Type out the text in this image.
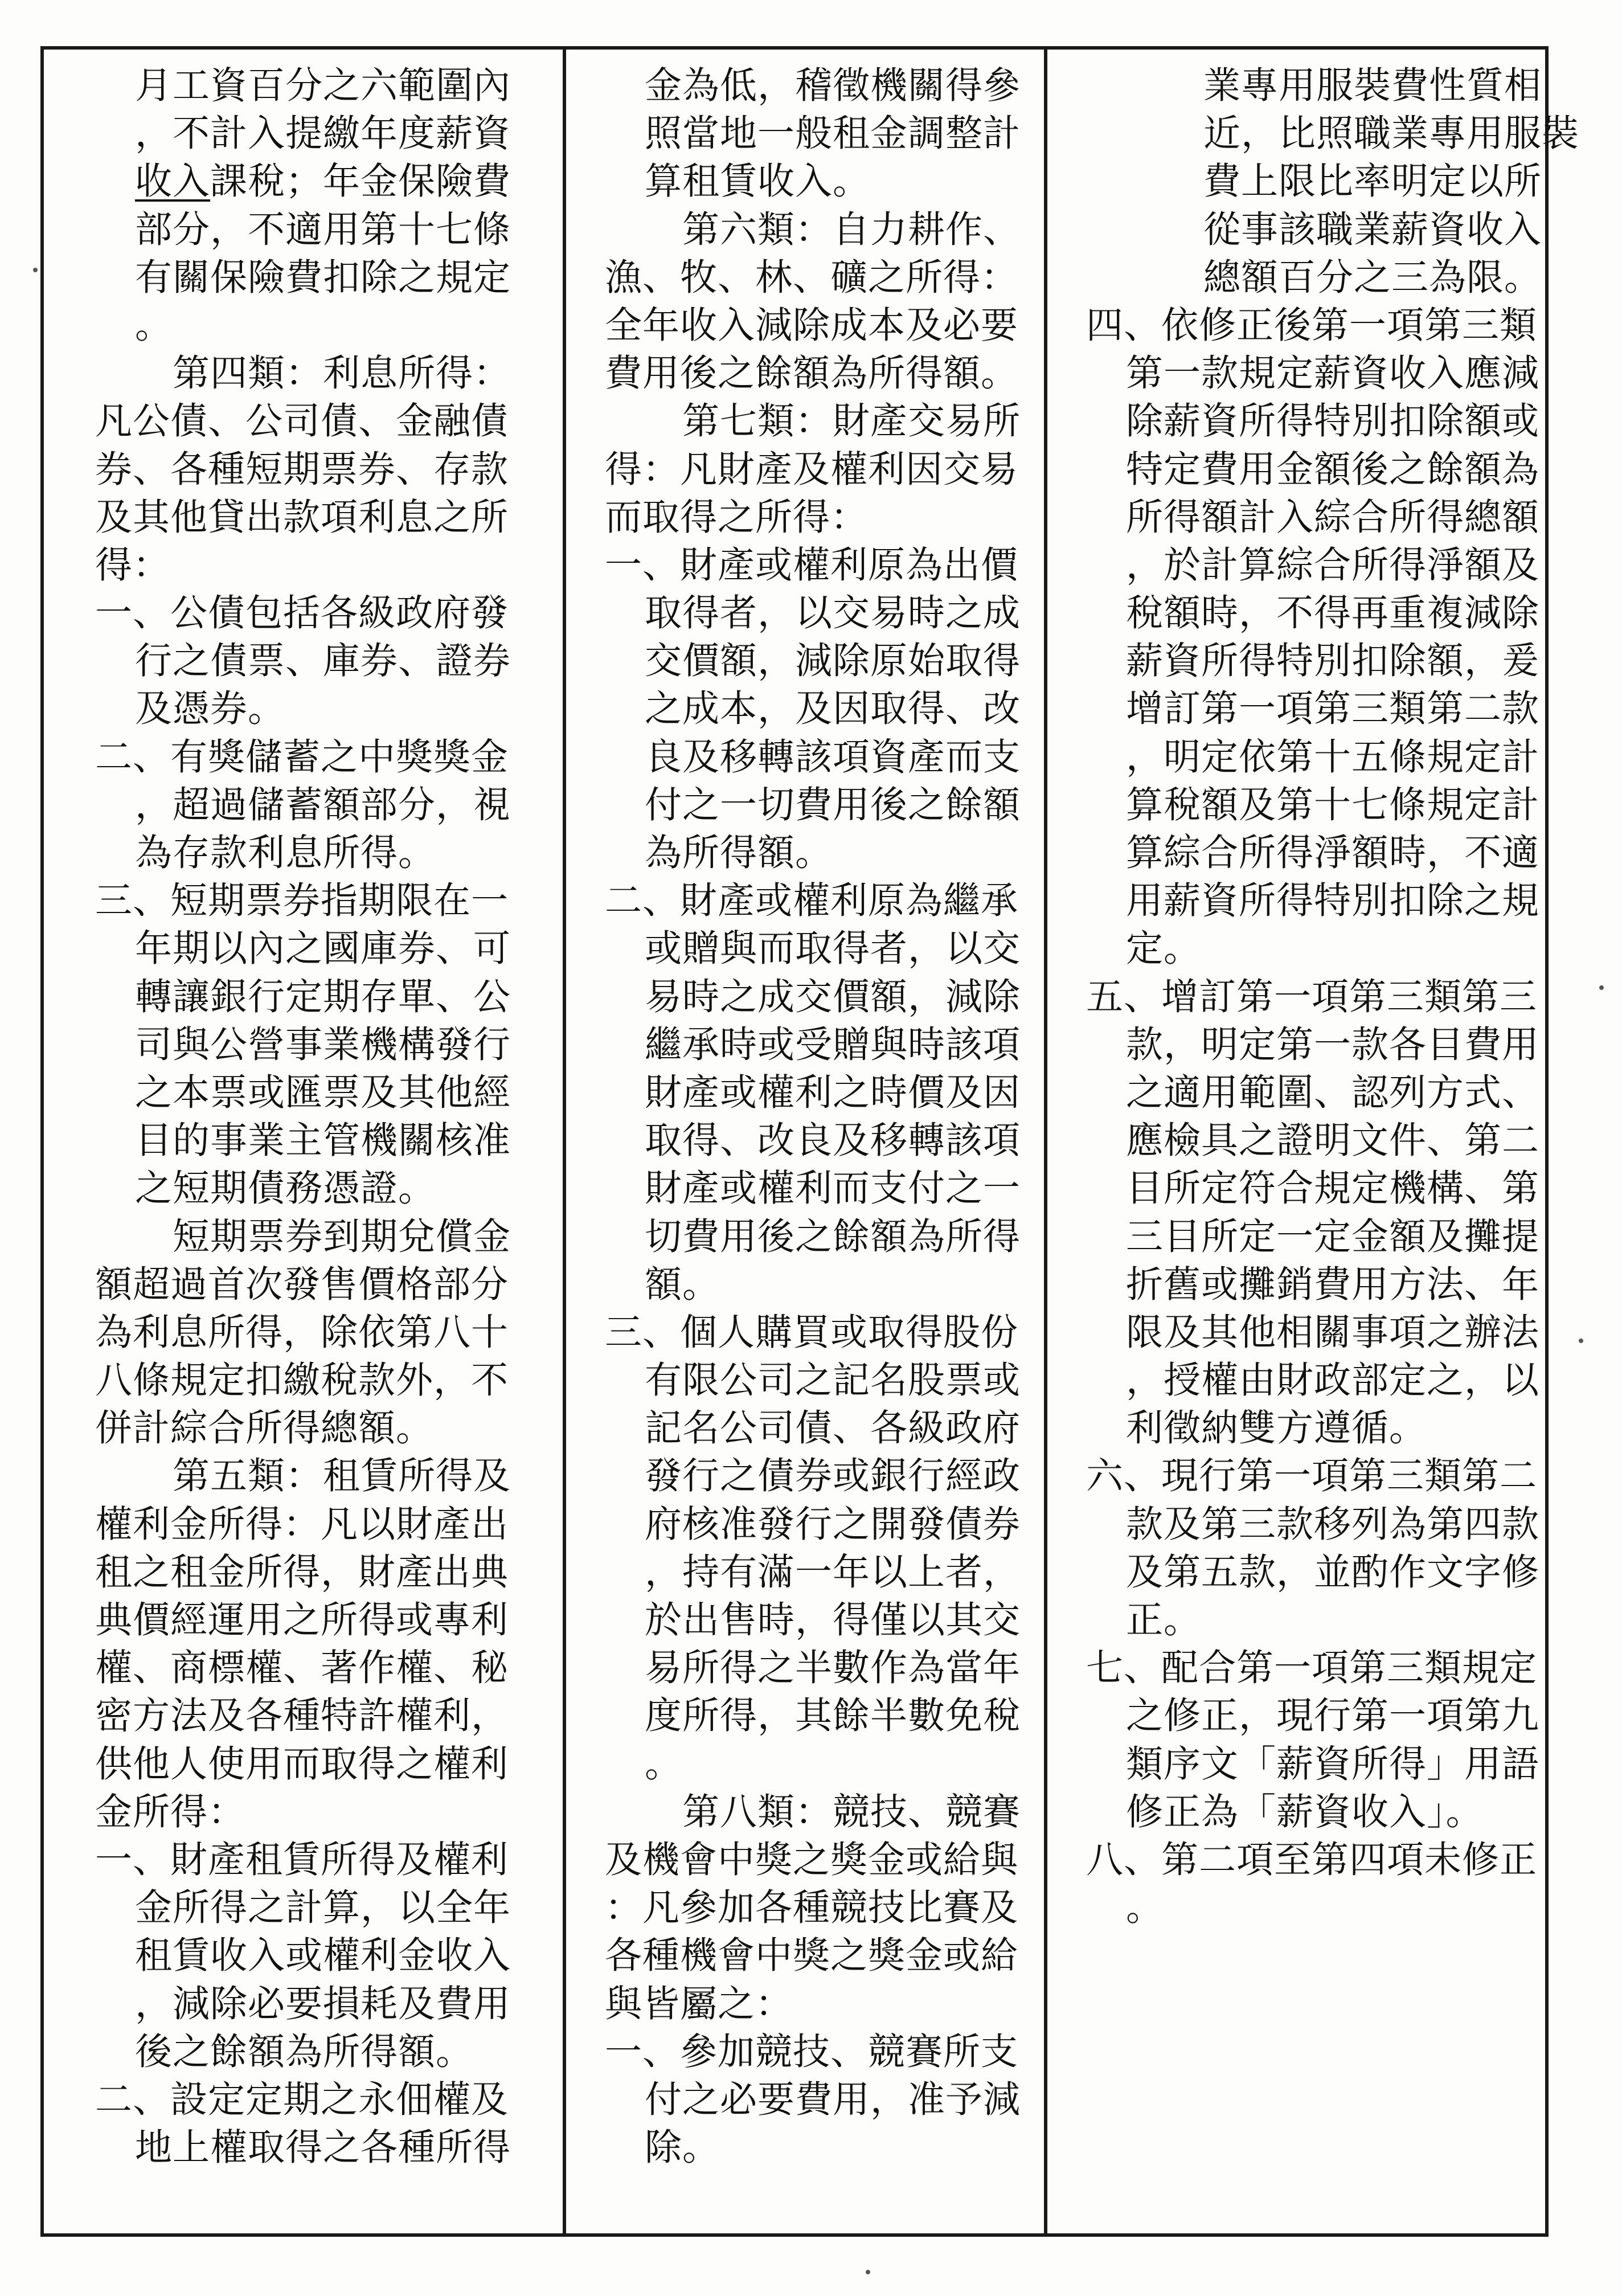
月工資百分之六範圍內
，不計入提繳年度薪資
收入課稅；年金保險費
部分，不適用第十七條
有關保險費扣除之規定
。
第四類：利息所得：
凡公債、公司債、金融債
券、各種短期票券、存款
及其他貸出款項利息之所
得：
一、公債包括各級政府發
行之債票、庫券、證券
及憑券。
二、有獎儲蓄之中獎獎金
，超過儲蓄額部分，視
為存款利息所得。
三、短期票券指期限在一
年期以內之國庫券、可
轉讓銀行定期存單、公
司與公營事業機構發行
之本票或匯票及其他經
目的事業主管機關核准
之短期債務憑證。
短期票券到期兌償金
額超過首次發售價格部分
為利息所得，除依第八十
八條規定扣繳稅款外，不
併計綜合所得總額。
第五類：租賃所得及
權利金所得：凡以財產出
租之租金所得，財產出典
典價經運用之所得或專利
權、商標權、著作權、秘
密方法及各種特許權利，
供他人使用而取得之權利
金所得：
一、財產租賃所得及權利
金所得之計算，以全年
租賃收入或權利金收入
，減除必要損耗及費用
後之餘額為所得額。
二、設定定期之永佃權及
地上權取得之各種所得
金為低，稽徵機關得參
照當地一般租金調整計
算租賃收入。
第六類：自力耕作、
漁、牧、林、礦之所得：
全年收入減除成本及必要
費用後之餘額為所得額。
第七類：財產交易所
得：凡財產及權利因交易
而取得之所得：
一、財產或權利原為出價
取得者，以交易時之成
交價額，減除原始取得
之成本，及因取得、改
良及移轉該項資產而支
付之一切費用後之餘額
為所得額。
二、財產或權利原為繼承
或贈與而取得者，以交
易時之成交價額，減除
繼承時或受贈與時該項
財產或權利之時價及因
取得、改良及移轉該項
財產或權利而支付之一
切費用後之餘額為所得
額。
三、個人購買或取得股份
有限公司之記名股票或
記名公司債、各級政府
發行之債券或銀行經政
府核准發行之開發債券
，持有滿一年以上者，
於出售時，得僅以其交
易所得之半數作為當年
度所得，其餘半數免稅
。
第八類：競技、競賽
及機會中獎之獎金或給與
：凡參加各種競技比賽及
各種機會中獎之獎金或給
與皆屬之：
一、參加競技、競賽所支
付之必要費用，准予減
除。
業專用服裝費性質相
近，比照職業專用服裝
費上限比率明定以所
從事該職業薪資收入
總額百分之三為限。
四、依修正後第一項第三類
第一款規定薪資收入應減
除薪資所得特別扣除額或
特定費用金額後之餘額為
所得額計入綜合所得總額
，於計算綜合所得淨額及
稅額時，不得再重複減除
薪資所得特別扣除額，爰
增訂第一項第三類第二款
，明定依第十五條規定計
算稅額及第十七條規定計
算綜合所得淨額時，不適
用薪資所得特別扣除之規
定。
五、增訂第一項第三類第三
款，明定第一款各目費用
之適用範圍、認列方式、
應檢具之證明文件、第二
目所定符合規定機構、第
三目所定一定金額及攤提
折舊或攤銷費用方法、年
限及其他相關事項之辦法
，授權由財政部定之，以
利徵納雙方遵循。
六、現行第一項第三類第二
款及第三款移列為第四款
及第五款，並酌作文字修
正。
七、配合第一項第三類規定
之修正，現行第一項第九
類序文「薪資所得」用語
修正為「薪資收入」。
八、第二項至第四項未修正
。
